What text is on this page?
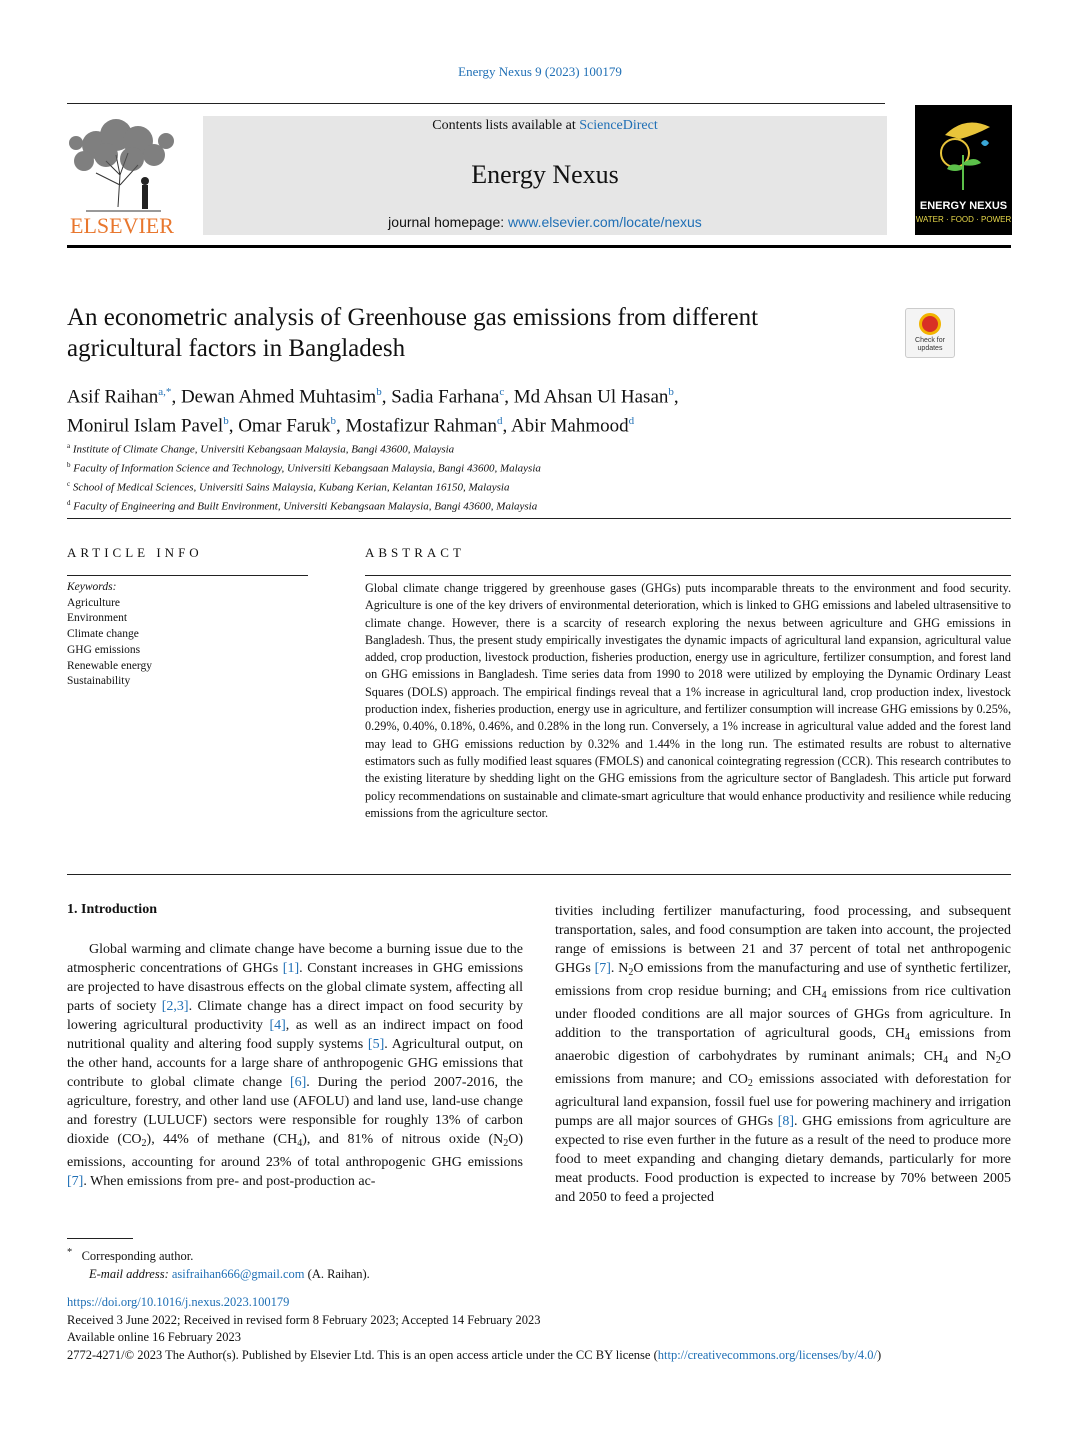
Energy Nexus 9 (2023) 100179
ELSEVIER
Contents lists available at ScienceDirect
Energy Nexus
journal homepage: www.elsevier.com/locate/nexus
ENERGY NEXUS
WATER · FOOD · POWER
An econometric analysis of Greenhouse gas emissions from different agricultural factors in Bangladesh	Check for updates
Asif Raihan$^{a,*}$, Dewan Ahmed Muhtasim$^b$, Sadia Farhana$^c$, Md Ahsan Ul Hasan$^b$,
Monirul Islam Pavel$^b$, Omar Faruk$^b$, Mostafizur Rahman$^d$, Abir Mahmood$^d$
$^a$ Institute of Climate Change, Universiti Kebangsaan Malaysia, Bangi 43600, Malaysia
$^b$ Faculty of Information Science and Technology, Universiti Kebangsaan Malaysia, Bangi 43600, Malaysia
$^c$ School of Medical Sciences, Universiti Sains Malaysia, Kubang Kerian, Kelantan 16150, Malaysia
$^d$ Faculty of Engineering and Built Environment, Universiti Kebangsaan Malaysia, Bangi 43600, Malaysia
ARTICLE INFO	ABSTRACT
Keywords:
Agriculture
Environment
Climate change
GHG emissions
Renewable energy
Sustainability
Global climate change triggered by greenhouse gases (GHGs) puts incomparable threats to the environment and food security. Agriculture is one of the key drivers of environmental deterioration, which is linked to GHG emissions and labeled ultrasensitive to climate change. However, there is a scarcity of research exploring the nexus between agriculture and GHG emissions in Bangladesh. Thus, the present study empirically investigates the dynamic impacts of agricultural land expansion, agricultural value added, crop production, livestock production, fisheries production, energy use in agriculture, fertilizer consumption, and forest land on GHG emissions in Bangladesh. Time series data from 1990 to 2018 were utilized by employing the Dynamic Ordinary Least Squares (DOLS) approach. The empirical findings reveal that a 1% increase in agricultural land, crop production index, livestock production index, fisheries production, energy use in agriculture, and fertilizer consumption will increase GHG emissions by 0.25%, 0.29%, 0.40%, 0.18%, 0.46%, and 0.28% in the long run. Conversely, a 1% increase in agricultural value added and the forest land may lead to GHG emissions reduction by 0.32% and 1.44% in the long run. The estimated results are robust to alternative estimators such as fully modified least squares (FMOLS) and canonical cointegrating regression (CCR). This research contributes to the existing literature by shedding light on the GHG emissions from the agriculture sector of Bangladesh. This article put forward policy recommendations on sustainable and climate-smart agriculture that would enhance productivity and resilience while reducing emissions from the agriculture sector.
1. Introduction
Global warming and climate change have become a burning issue due to the atmospheric concentrations of GHGs [1]. Constant increases in GHG emissions are projected to have disastrous effects on the global climate system, affecting all parts of society [2,3]. Climate change has a direct impact on food security by lowering agricultural productivity [4], as well as an indirect impact on food nutritional quality and altering food supply systems [5]. Agricultural output, on the other hand, accounts for a large share of anthropogenic GHG emissions that contribute to global climate change [6]. During the period 2007-2016, the agriculture, forestry, and other land use (AFOLU) and land use, land-use change and forestry (LULUCF) sectors were responsible for roughly 13% of carbon dioxide $(CO_2)$, 44% of methane $(CH_4)$, and 81% of nitrous oxide $(N_2O)$ emissions, accounting for around 23% of total anthropogenic GHG emissions [7]. When emissions from pre- and post-production ac-
tivities including fertilizer manufacturing, food processing, and subsequent transportation, sales, and food consumption are taken into account, the projected range of emissions is between 21 and 37 percent of total net anthropogenic GHGs [7]. $N_2O$ emissions from the manufacturing and use of synthetic fertilizer, emissions from crop residue burning; and $CH_4$ emissions from rice cultivation under flooded conditions are all major sources of GHGs from agriculture. In addition to the transportation of agricultural goods, $CH_4$ emissions from anaerobic digestion of carbohydrates by ruminant animals; $CH_4$ and $N_2O$ emissions from manure; and $CO_2$ emissions associated with deforestation for agricultural land expansion, fossil fuel use for powering machinery and irrigation pumps are all major sources of GHGs [8]. GHG emissions from agriculture are expected to rise even further in the future as a result of the need to produce more food to meet expanding and changing dietary demands, particularly for more meat products. Food production is expected to increase by 70% between 2005 and 2050 to feed a projected
* Corresponding author.
E-mail address: asifraihan666@gmail.com (A. Raihan).
https://doi.org/10.1016/j.nexus.2023.100179
Received 3 June 2022; Received in revised form 8 February 2023; Accepted 14 February 2023
Available online 16 February 2023
2772-4271/© 2023 The Author(s). Published by Elsevier Ltd. This is an open access article under the CC BY license (http://creativecommons.org/licenses/by/4.0/)
